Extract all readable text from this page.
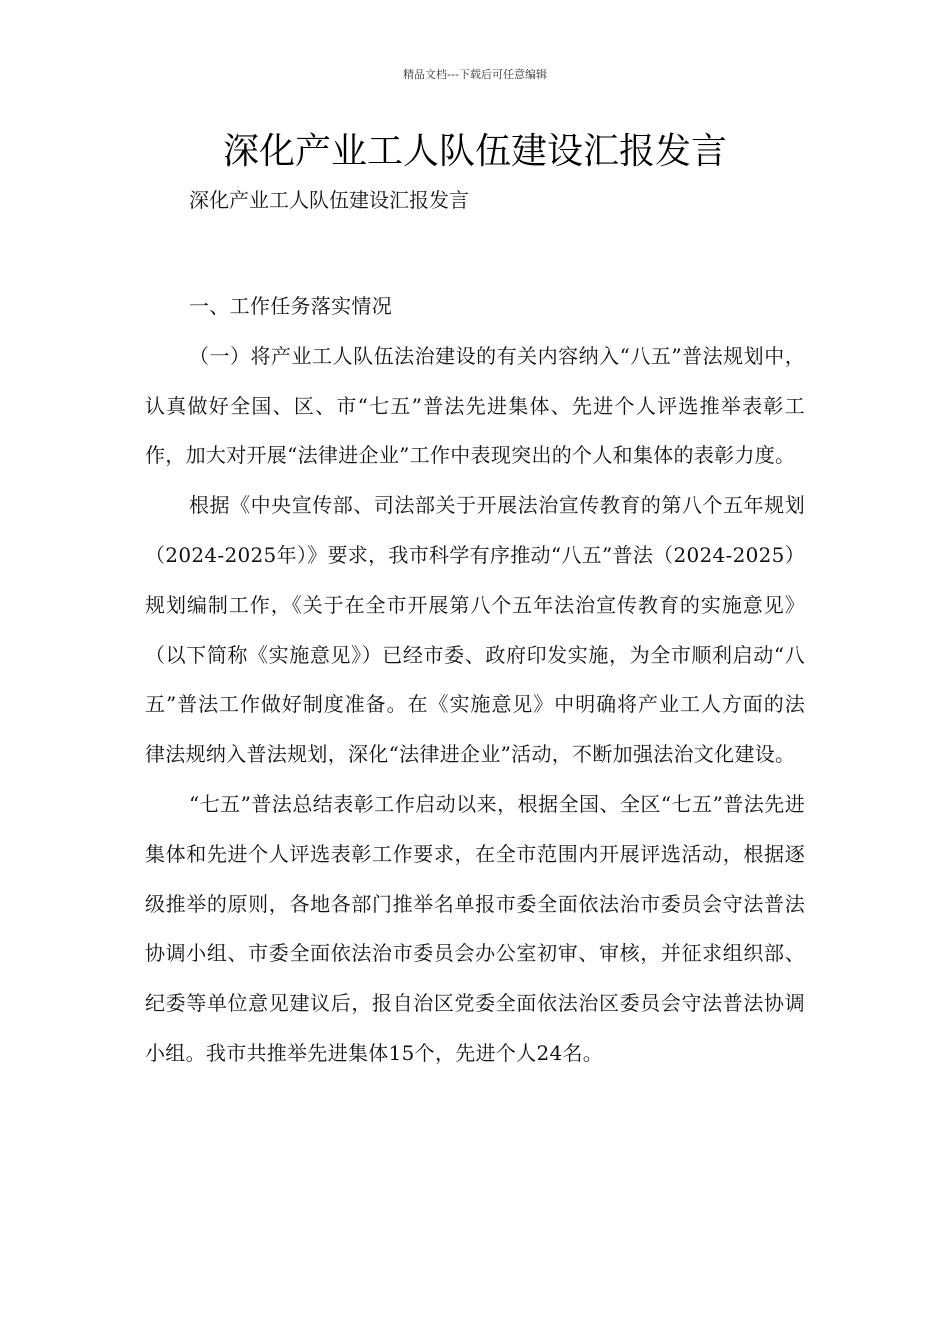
精品文档---下载后可任意编辑
深化产业工人队伍建设汇报发言

深化产业工人队伍建设汇报发言

一、工作任务落实情况

（一）将产业工人队伍法治建设的有关内容纳入“八五”普法规划中，认真做好全国、区、市“七五”普法先进集体、先进个人评选推举表彰工作，加大对开展“法律进企业”工作中表现突出的个人和集体的表彰力度。

根据《中央宣传部、司法部关于开展法治宣传教育的第八个五年规划（2024-2025年）》要求，我市科学有序推动“八五”普法（2024-2025）规划编制工作，《关于在全市开展第八个五年法治宣传教育的实施意见》（以下简称《实施意见》）已经市委、政府印发实施，为全市顺利启动“八五”普法工作做好制度准备。在《实施意见》中明确将产业工人方面的法律法规纳入普法规划，深化“法律进企业”活动，不断加强法治文化建设。

“七五”普法总结表彰工作启动以来，根据全国、全区“七五”普法先进集体和先进个人评选表彰工作要求，在全市范围内开展评选活动，根据逐级推举的原则，各地各部门推举名单报市委全面依法治市委员会守法普法协调小组、市委全面依法治市委员会办公室初审、审核，并征求组织部、纪委等单位意见建议后，报自治区党委全面依法治区委员会守法普法协调小组。我市共推举先进集体15个，先进个人24名。
